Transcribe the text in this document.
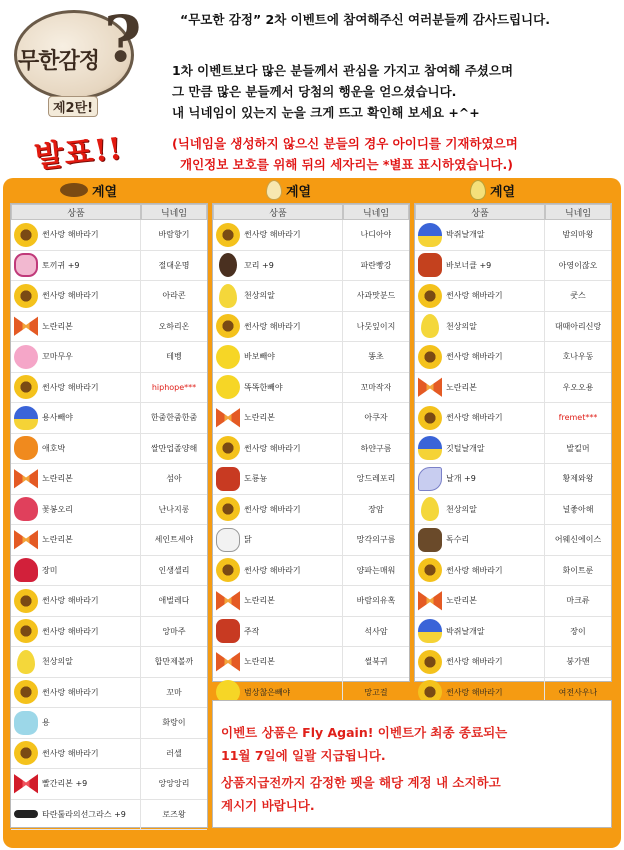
?
무한감정
제2탄!
발표!!
“무모한 감정” 2차 이벤트에 참여해주신 여러분들께 감사드립니다.
1차 이벤트보다 많은 분들께서 관심을 가지고 참여해 주셨으며
그 만큼 많은 분들께서 당첨의 행운을 얻으셨습니다.
내 닉네임이 있는지 눈을 크게 뜨고 확인해 보세요 +^+
(닉네임을 생성하지 않으신 분들의 경우 아이디를 기재하였으며
개인정보 보호를 위해 뒤의 세자리는 *별표 표시하였습니다.)
계열	계열	계열
상품	닉네임
썬사랑 해바라기	바람향기
토끼귀 +9	절대운명
썬사랑 해바라기	아라콘
노란리본	오하리온
꼬마무우	테벵
썬사랑 해바라기	hiphope***
용사빼야	한줌한줌한줌
애호박	쌀만업졸양해
노란리본	섬아
꽃봉오리	난나지롱
노란리본	세인트세야
장미	인생셀리
썬사랑 해바라기	애벌레다
썬사랑 해바라기	앙마주
천상의알	합만제볼까
썬사랑 해바라기	꼬마
용	화랑이
썬사랑 해바라기	러셀
빨간리본 +9	앙앙앙리
타란툴라의선그라스 +9	로즈왕
상품	닉네임
썬사랑 해바라기	나디아야
꼬리 +9	파란빵강
천상의알	사과맛분드
썬사랑 해바라기	나뭇잎이지
바보빼야	똥초
똑똑한빼야	꼬마작자
노란리본	아쿠자
썬사랑 해바라기	하얀구름
도룡뇽	앙드레포리
썬사랑 해바라기	장암
닭	망각의구름
썬사랑 해바라기	양파는매워
노란리본	바람의유혹
주작	석사암
노란리본	썰북귀
범상찮은빼야	망고걸
상품	닉네임
박쥐날개알	밤의마왕
바보너클 +9	아영이잖오
썬사랑 해바라기	쿳스
천상의알	대때아리신랑
썬사랑 해바라기	호나우동
노란리본	우오오용
썬사랑 해바라기	fremet***
깃털날개알	발킬머
날개 +9	황제와왕
천상의알	널좋아해
독수리	어웨신에이스
썬사랑 해바라기	화이트룬
노란리본	마크류
박쥐날개알	장이
썬사랑 해바라기	붕가맨
썬사랑 해바라기	여전사우나
이벤트 상품은 Fly Again! 이벤트가 최종 종료되는
11월 7일에 일괄 지급됩니다.
상품지급전까지 감정한 펫을 해당 계정 내 소지하고
계시기 바랍니다.
